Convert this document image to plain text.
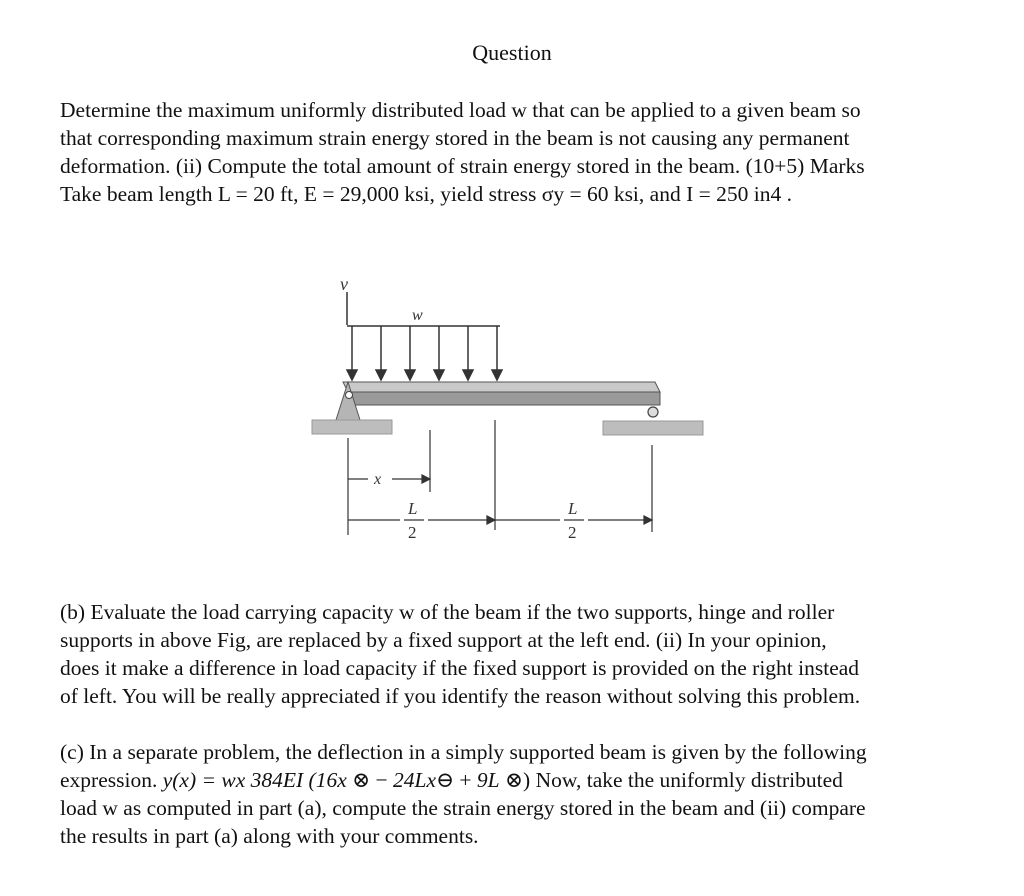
Question

Determine the maximum uniformly distributed load w that can be applied to a given beam so
that corresponding maximum strain energy stored in the beam is not causing any permanent
deformation. (ii) Compute the total amount of strain energy stored in the beam. (10+5) Marks
Take beam length L = 20 ft, E = 29,000 ksi, yield stress σy = 60 ksi, and I = 250 in4 .

v
w
x
L
2
L
2

(b) Evaluate the load carrying capacity w of the beam if the two supports, hinge and roller
supports in above Fig, are replaced by a fixed support at the left end. (ii) In your opinion,
does it make a difference in load capacity if the fixed support is provided on the right instead
of left. You will be really appreciated if you identify the reason without solving this problem.

(c) In a separate problem, the deflection in a simply supported beam is given by the following
expression. y(x) = wx 384EI (16x ⊗ − 24Lx⊖ + 9L ⊗) Now, take the uniformly distributed
load w as computed in part (a), compute the strain energy stored in the beam and (ii) compare
the results in part (a) along with your comments.
